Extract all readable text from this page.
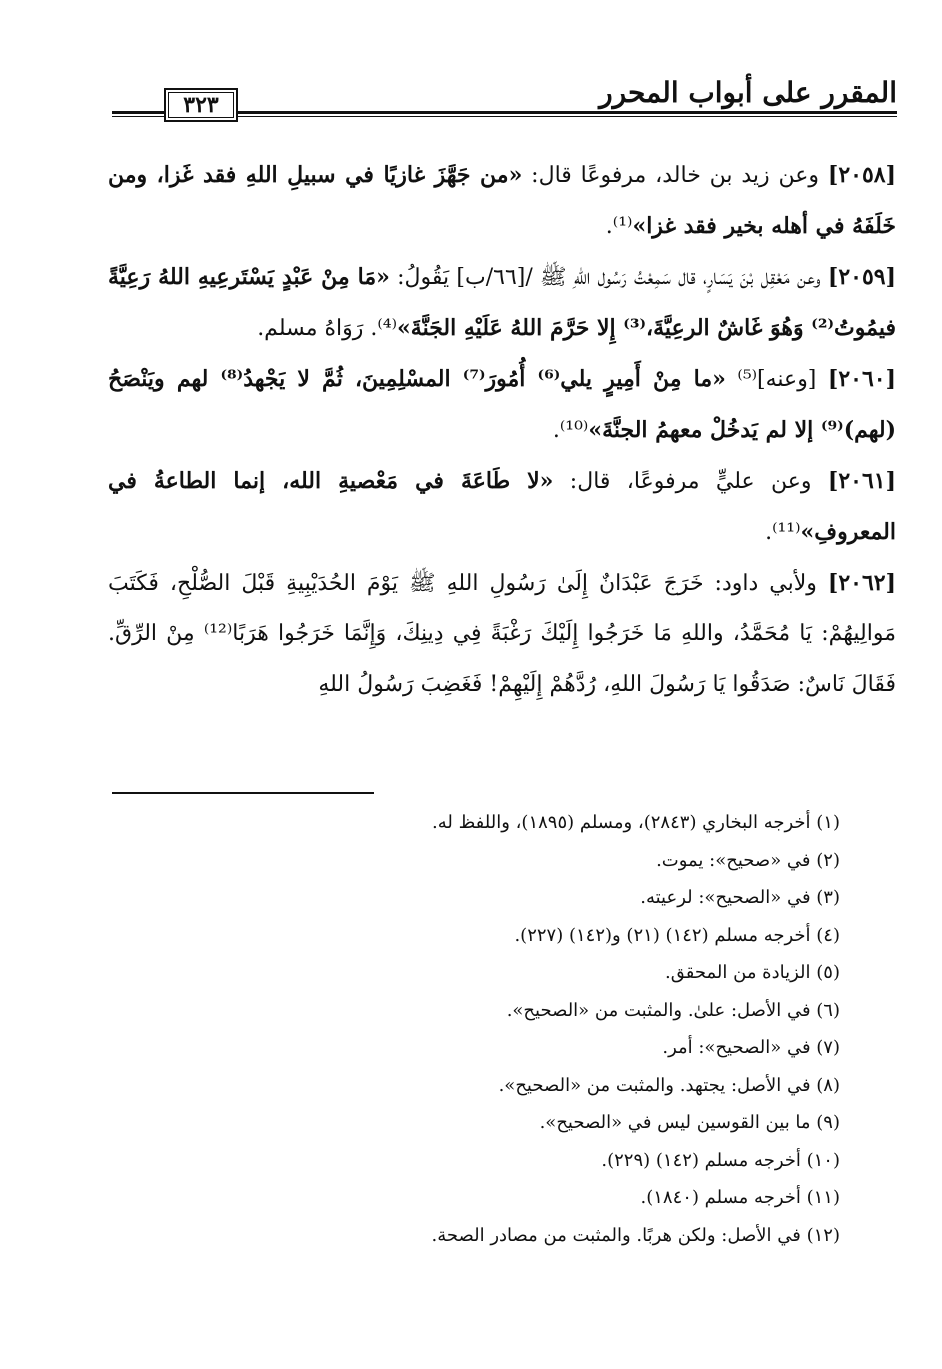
٣٢٣	المقرر على أبواب المحرر

[٢٠٥٨] وعن زيد بن خالد، مرفوعًا قال: «من جَهَّزَ غازيًا في سبيلِ اللهِ فقد غَزا، ومن خَلَفَهُ في أهله بخير فقد غزا»⁽¹⁾.

[٢٠٥٩] وعن مَعْقِل بْنَ يَسَارٍ، قال سَمِعْتُ رَسُول اللهِ ﷺ /[٦٦/ب] يَقُولُ: «مَا مِنْ عَبْدٍ يَسْتَرعِيهِ اللهُ رَعِيَّةً فيمُوتُ⁽²⁾ وَهُوَ غَاشٌ الرعِيَّةَ،⁽³⁾ إِلا حَرَّمَ اللهُ عَلَيْهِ الجَنَّةَ»⁽⁴⁾. رَوَاهُ مسلم.

[٢٠٦٠] [وعنه]⁽⁵⁾ «ما مِنْ أَمِيرٍ يلي⁽⁶⁾ أُمُورَ⁽⁷⁾ المسْلِمِينَ، ثُمَّ لا يَجْهدُ⁽⁸⁾ لهم ويَنْصَحُ (لهم)⁽⁹⁾ إلا لم يَدخُلْ معهمُ الجنَّةَ»⁽¹⁰⁾.

[٢٠٦١] وعن عليٍّ مرفوعًا، قال: «لا طَاعَةَ في مَعْصيةِ الله، إنما الطاعةُ في المعروفِ»⁽¹¹⁾.

[٢٠٦٢] ولأبي داود: خَرَجَ عَبْدَانٌ إِلَىٰ رَسُولِ اللهِ ﷺ يَوْمَ الحُدَيْبِيةِ قَبْلَ الصُّلْحِ، فَكَتَبَ مَوالِيهُمْ: يَا مُحَمَّدُ، واللهِ مَا خَرَجُوا إِلَيْكَ رَغْبَةً فِي دِينِكَ، وَإِنَّمَا خَرَجُوا هَرَبًا⁽¹²⁾ مِنْ الرِّقِّ. فَقَالَ نَاسٌ: صَدَقُوا يَا رَسُولَ اللهِ، رُدَّهُمْ إِلَيْهِمْ! فَغَضِبَ رَسُولُ اللهِ

(١) أخرجه البخاري (٢٨٤٣)، ومسلم (١٨٩٥)، واللفظ له.
(٢) في «صحيح»: يموت.
(٣) في «الصحيح»: لرعيته.
(٤) أخرجه مسلم (١٤٢) (٢١) و(١٤٢) (٢٢٧).
(٥) الزيادة من المحقق.
(٦) في الأصل: علىٰ. والمثبت من «الصحيح».
(٧) في «الصحيح»: أمر.
(٨) في الأصل: يجتهد. والمثبت من «الصحيح».
(٩) ما بين القوسين ليس في «الصحيح».
(١٠) أخرجه مسلم (١٤٢) (٢٢٩).
(١١) أخرجه مسلم (١٨٤٠).
(١٢) في الأصل: ولكن هربًا. والمثبت من مصادر الصحة.
